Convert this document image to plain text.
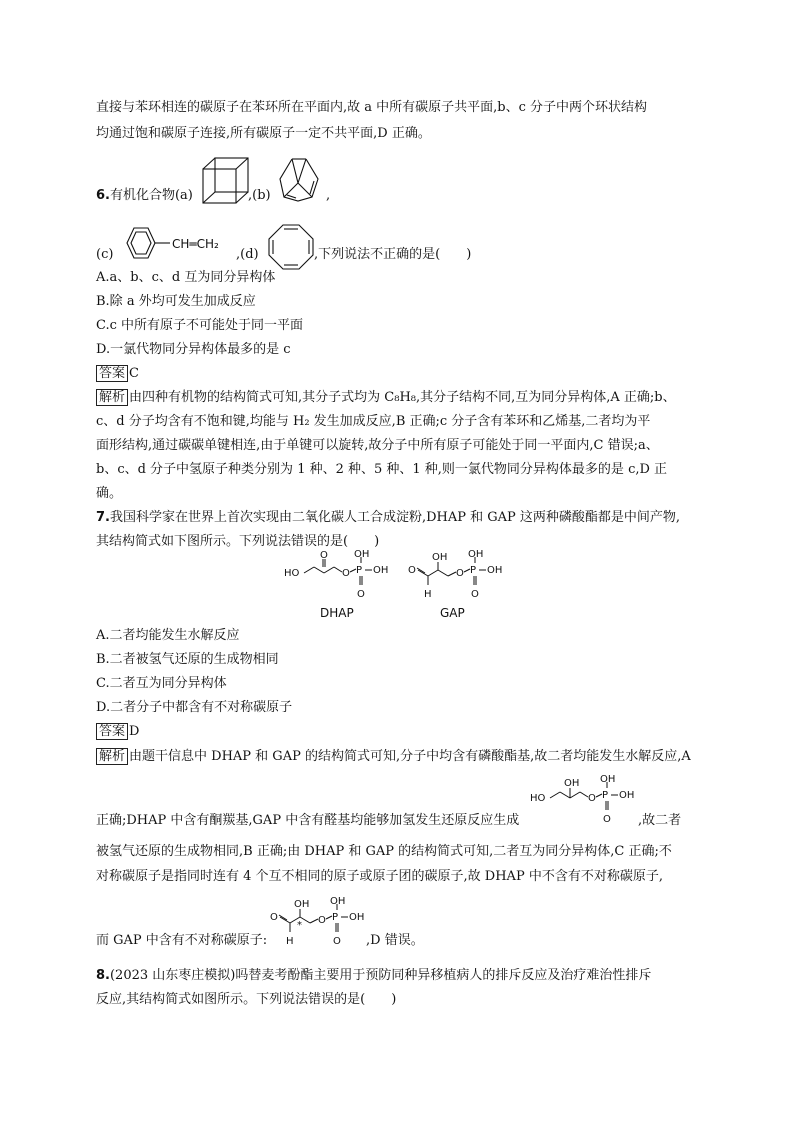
直接与苯环相连的碳原子在苯环所在平面内,故 a 中所有碳原子共平面,b、c 分子中两个环状结构
均通过饱和碳原子连接,所有碳原子一定不共平面,D 正确。
6.有机化合物(a)	,(b)	,
(c)
CH═CH₂
,(d)	,下列说法不正确的是(　　)
A.a、b、c、d 互为同分异构体
B.除 a 外均可发生加成反应
C.c 中所有原子不可能处于同一平面
D.一氯代物同分异构体最多的是 c
答案 C
解析 由四种有机物的结构简式可知,其分子式均为 C₈H₈,其分子结构不同,互为同分异构体,A 正确;b、
c、d 分子均含有不饱和键,均能与 H₂ 发生加成反应,B 正确;c 分子含有苯环和乙烯基,二者均为平
面形结构,通过碳碳单键相连,由于单键可以旋转,故分子中所有原子可能处于同一平面内,C 错误;a、
b、c、d 分子中氢原子种类分别为 1 种、2 种、5 种、1 种,则一氯代物同分异构体最多的是 c,D 正
确。
7.我国科学家在世界上首次实现由二氧化碳人工合成淀粉,DHAP 和 GAP 这两种磷酸酯都是中间产物,
其结构简式如下图所示。下列说法错误的是(　　)
HO
O
O P
OH
OH
O
DHAP
O
H
OH
O P
OH
OH
O
GAP
A.二者均能发生水解反应
B.二者被氢气还原的生成物相同
C.二者互为同分异构体
D.二者分子中都含有不对称碳原子
答案 D
解析 由题干信息中 DHAP 和 GAP 的结构简式可知,分子中均含有磷酸酯基,故二者均能发生水解反应,A
HO
OH
O P
OH
OH
O
正确;DHAP 中含有酮羰基,GAP 中含有醛基均能够加氢发生还原反应生成	,故二者
被氢气还原的生成物相同,B 正确;由 DHAP 和 GAP 的结构简式可知,二者互为同分异构体,C 正确;不
对称碳原子是指同时连有 4 个互不相同的原子或原子团的碳原子,故 DHAP 中不含有不对称碳原子,
O
H
OH
* O P
OH
OH
O
而 GAP 中含有不对称碳原子:	,D 错误。
8.(2023 山东枣庄模拟)吗替麦考酚酯主要用于预防同种异移植病人的排斥反应及治疗难治性排斥
反应,其结构简式如图所示。下列说法错误的是(　　)
